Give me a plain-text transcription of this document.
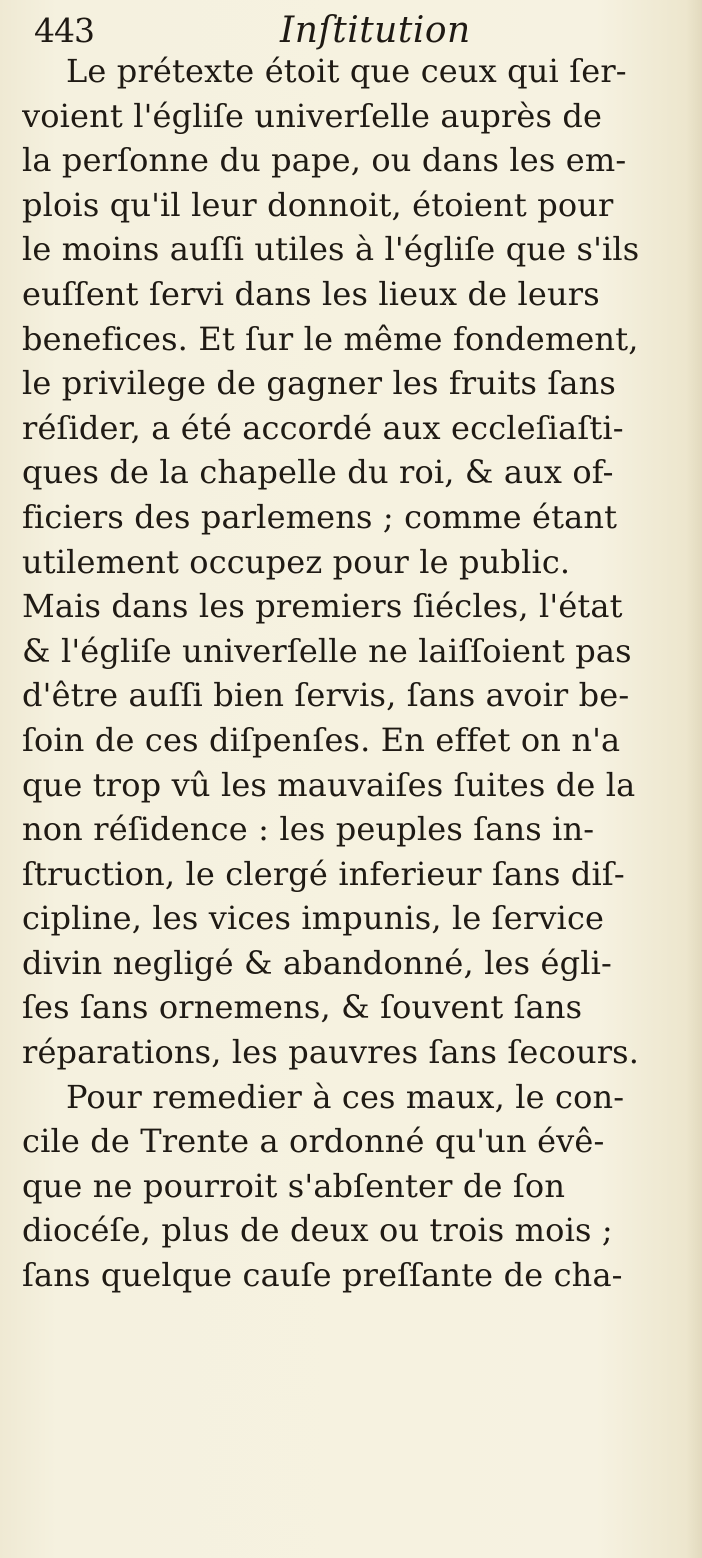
443	Inſtitution
Le prétexte étoit que ceux qui ſer-
voient l'égliſe univerſelle auprès de
la perſonne du pape, ou dans les em-
plois qu'il leur donnoit, étoient pour
le moins auſſi utiles à l'égliſe que s'ils
euſſent ſervi dans les lieux de leurs
benefices. Et ſur le même fondement,
le privilege de gagner les fruits ſans
réſider, a été accordé aux eccleſiaſti-
ques de la chapelle du roi, & aux of-
ficiers des parlemens ; comme étant
utilement occupez pour le public.
Mais dans les premiers ſiécles, l'état
& l'égliſe univerſelle ne laiſſoient pas
d'être auſſi bien ſervis, ſans avoir be-
ſoin de ces diſpenſes. En effet on n'a
que trop vû les mauvaiſes ſuites de la
non réſidence : les peuples ſans in-
ſtruction, le clergé inferieur ſans diſ-
cipline, les vices impunis, le ſervice
divin negligé & abandonné, les égli-
ſes ſans ornemens, & ſouvent ſans
réparations, les pauvres ſans ſecours.
Pour remedier à ces maux, le con-
cile de Trente a ordonné qu'un évê-
que ne pourroit s'abſenter de ſon
diocéſe, plus de deux ou trois mois ;
ſans quelque cauſe preſſante de cha-
